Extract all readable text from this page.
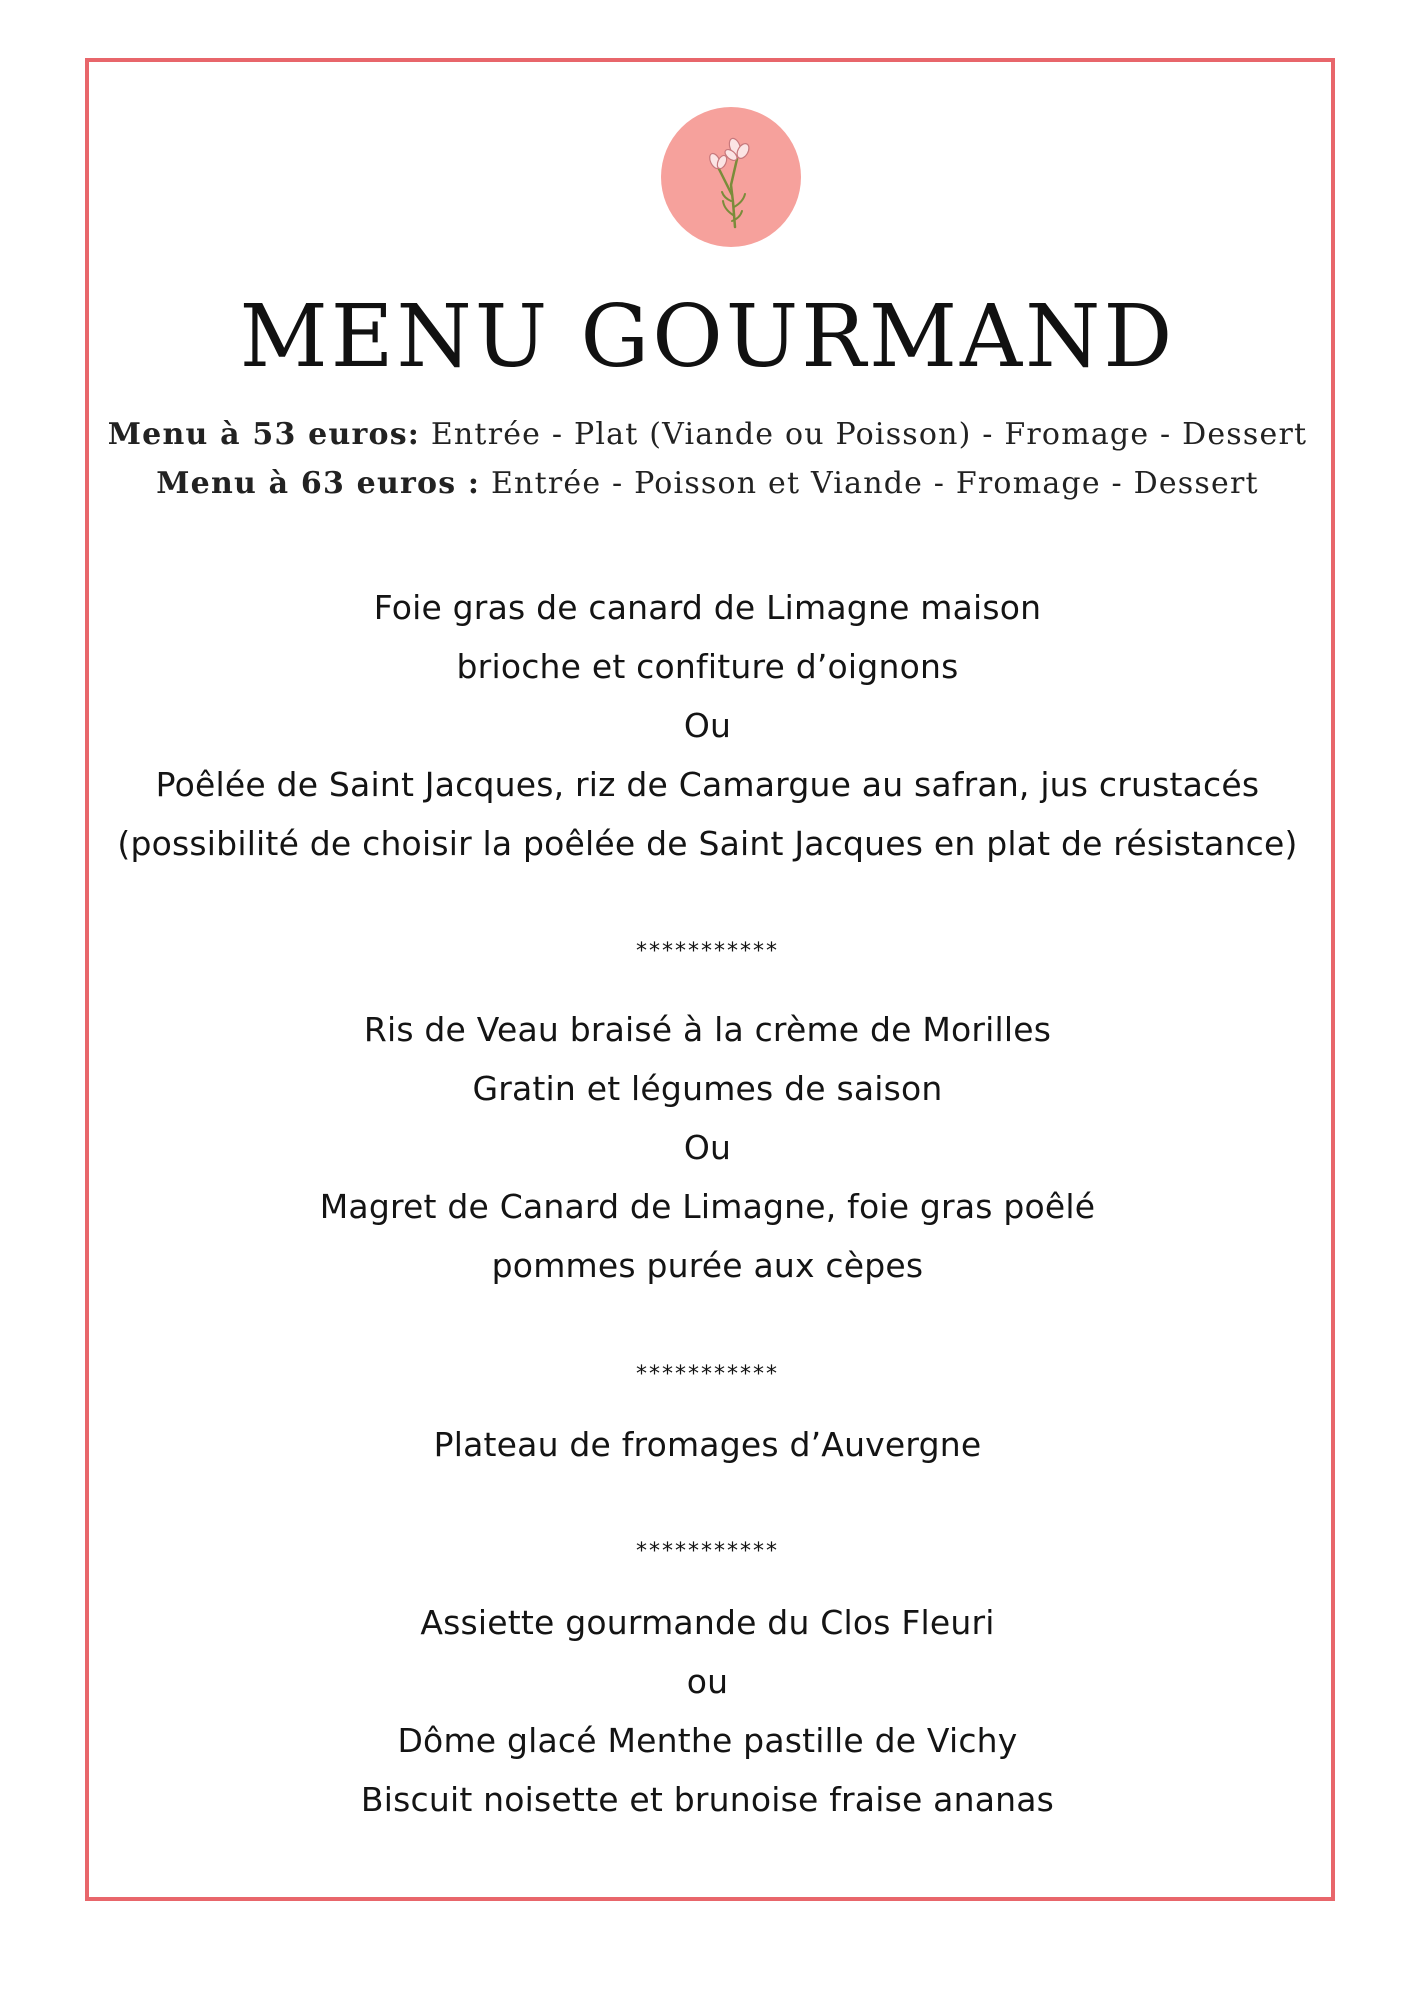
MENU GOURMAND
Menu à 53 euros: Entrée - Plat (Viande ou Poisson) - Fromage - Dessert
Menu à 63 euros : Entrée - Poisson et Viande - Fromage - Dessert
Foie gras de canard de Limagne maison
brioche et confiture d’oignons
Ou
Poêlée de Saint Jacques, riz de Camargue au safran, jus crustacés
(possibilité de choisir la poêlée de Saint Jacques en plat de résistance)
***********
Ris de Veau braisé à la crème de Morilles
Gratin et légumes de saison
Ou
Magret de Canard de Limagne, foie gras poêlé
pommes purée aux cèpes
***********
Plateau de fromages d’Auvergne
***********
Assiette gourmande du Clos Fleuri
ou
Dôme glacé Menthe pastille de Vichy
Biscuit noisette et brunoise fraise ananas
